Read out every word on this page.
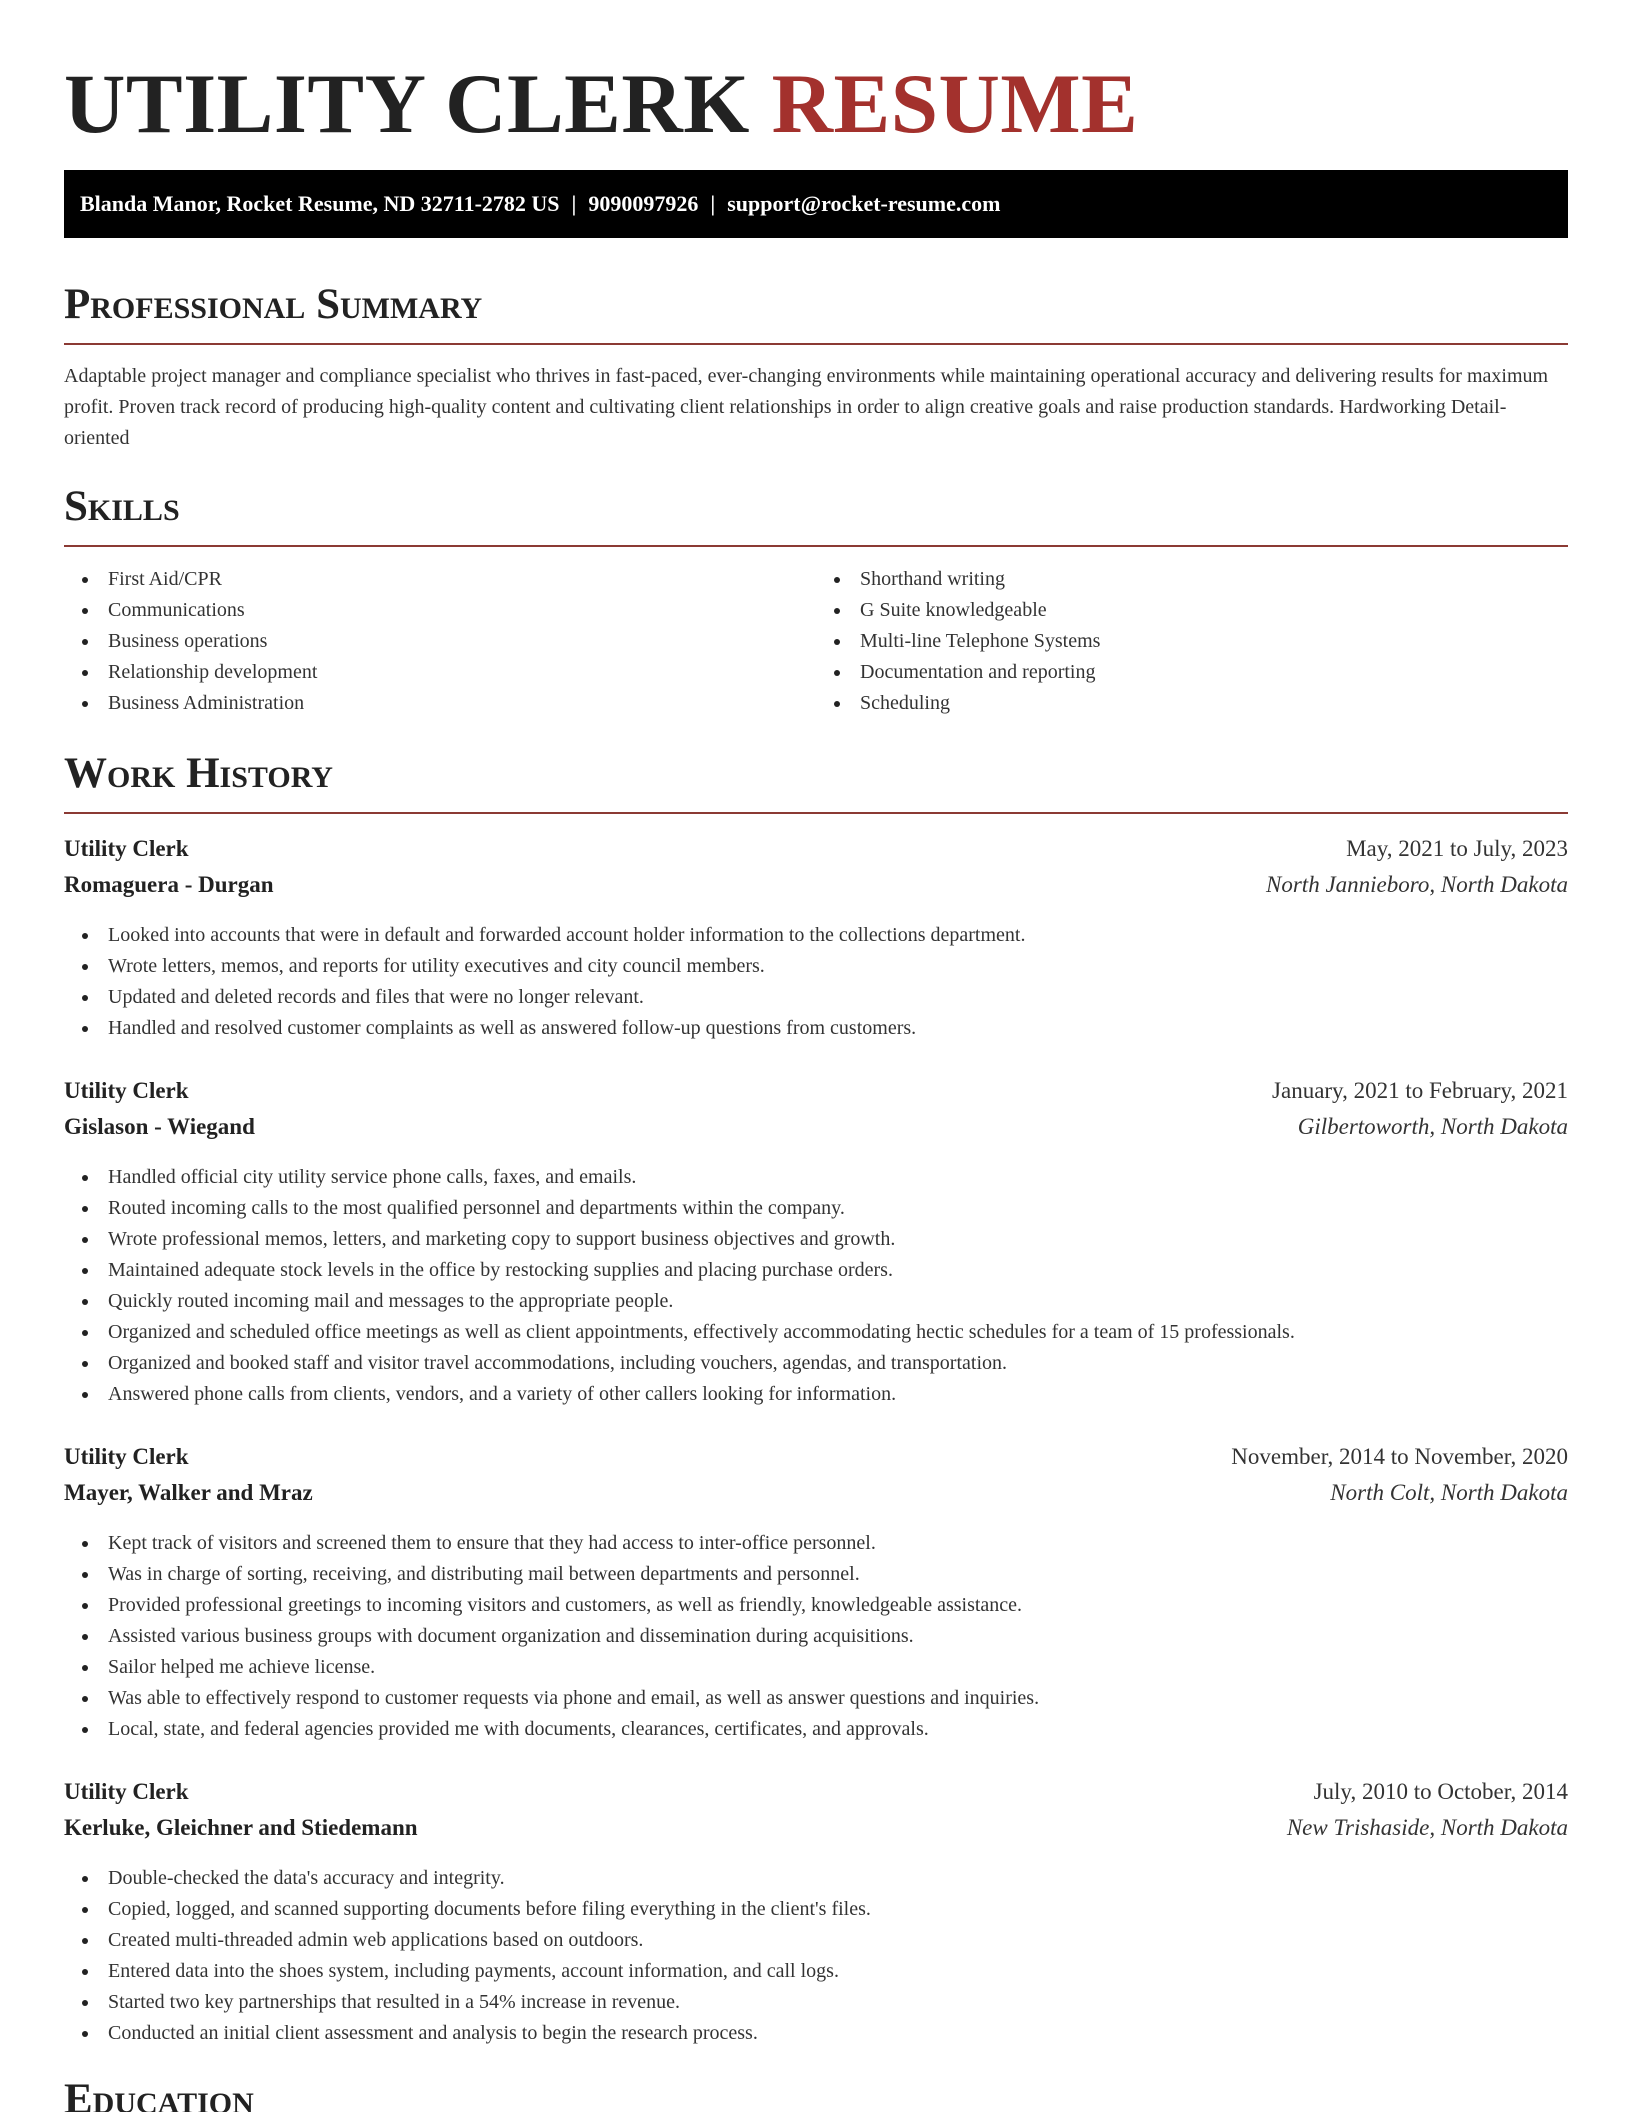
UTILITY CLERK RESUME
Blanda Manor, Rocket Resume, ND 32711-2782 US | 9090097926 | support@rocket-resume.com
Professional Summary

Adaptable project manager and compliance specialist who thrives in fast-paced, ever-changing environments while maintaining operational accuracy and delivering results for maximum profit. Proven track record of producing high-quality content and cultivating client relationships in order to align creative goals and raise production standards. Hardworking Detail-oriented

Skills
First Aid/CPR
Communications
Business operations
Relationship development
Business Administration
Shorthand writing
G Suite knowledgeable
Multi-line Telephone Systems
Documentation and reporting
Scheduling
Work History
Utility Clerk	May, 2021 to July, 2023
Romaguera - Durgan	North Jannieboro, North Dakota
Looked into accounts that were in default and forwarded account holder information to the collections department.
Wrote letters, memos, and reports for utility executives and city council members.
Updated and deleted records and files that were no longer relevant.
Handled and resolved customer complaints as well as answered follow-up questions from customers.
Utility Clerk	January, 2021 to February, 2021
Gislason - Wiegand	Gilbertoworth, North Dakota
Handled official city utility service phone calls, faxes, and emails.
Routed incoming calls to the most qualified personnel and departments within the company.
Wrote professional memos, letters, and marketing copy to support business objectives and growth.
Maintained adequate stock levels in the office by restocking supplies and placing purchase orders.
Quickly routed incoming mail and messages to the appropriate people.
Organized and scheduled office meetings as well as client appointments, effectively accommodating hectic schedules for a team of 15 professionals.
Organized and booked staff and visitor travel accommodations, including vouchers, agendas, and transportation.
Answered phone calls from clients, vendors, and a variety of other callers looking for information.
Utility Clerk	November, 2014 to November, 2020
Mayer, Walker and Mraz	North Colt, North Dakota
Kept track of visitors and screened them to ensure that they had access to inter-office personnel.
Was in charge of sorting, receiving, and distributing mail between departments and personnel.
Provided professional greetings to incoming visitors and customers, as well as friendly, knowledgeable assistance.
Assisted various business groups with document organization and dissemination during acquisitions.
Sailor helped me achieve license.
Was able to effectively respond to customer requests via phone and email, as well as answer questions and inquiries.
Local, state, and federal agencies provided me with documents, clearances, certificates, and approvals.
Utility Clerk	July, 2010 to October, 2014
Kerluke, Gleichner and Stiedemann	New Trishaside, North Dakota
Double-checked the data's accuracy and integrity.
Copied, logged, and scanned supporting documents before filing everything in the client's files.
Created multi-threaded admin web applications based on outdoors.
Entered data into the shoes system, including payments, account information, and call logs.
Started two key partnerships that resulted in a 54% increase in revenue.
Conducted an initial client assessment and analysis to begin the research process.
Education
